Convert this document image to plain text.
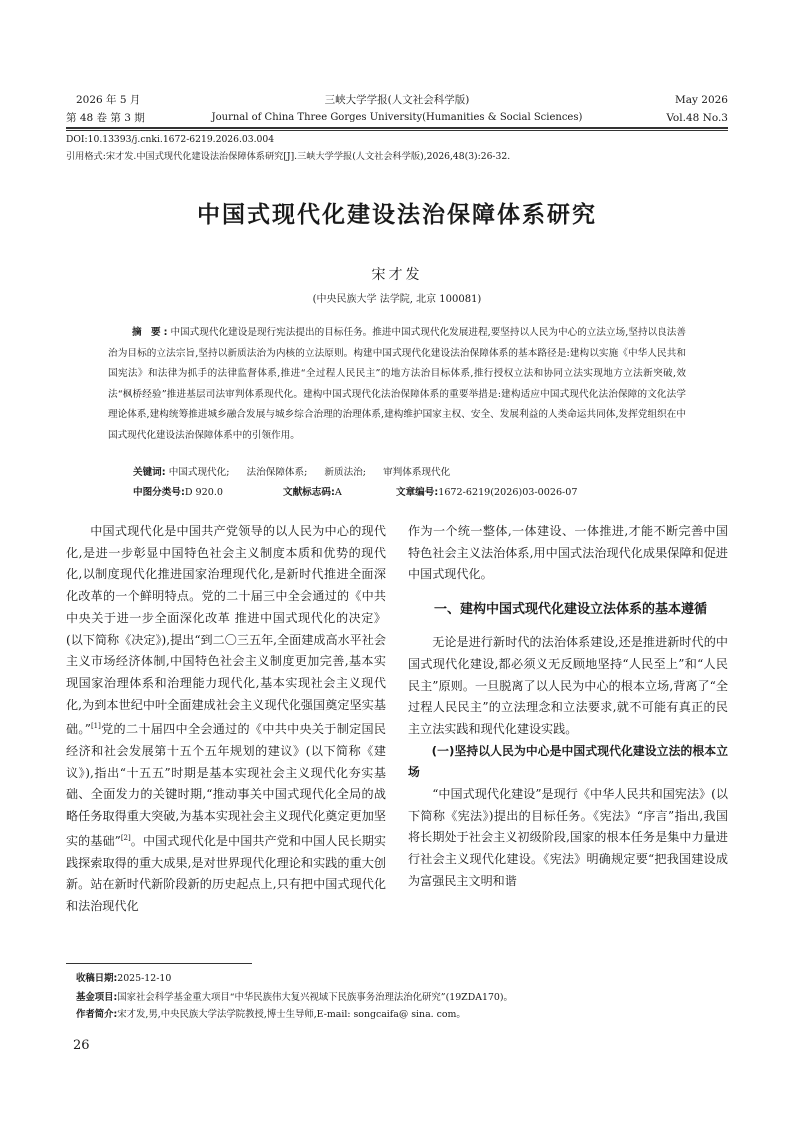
2026 年 5 月	三峡大学学报(人文社会科学版)	May 2026
第 48 卷 第 3 期	Journal of China Three Gorges University(Humanities & Social Sciences)	Vol.48 No.3
DOI:10.13393/j.cnki.1672-6219.2026.03.004
引用格式:宋才发.中国式现代化建设法治保障体系研究[J].三峡大学学报(人文社会科学版),2026,48(3):26-32.
中国式现代化建设法治保障体系研究
宋才发
(中央民族大学 法学院, 北京 100081)
摘 要:中国式现代化建设是现行宪法提出的目标任务。推进中国式现代化发展进程,要坚持以人民为中心的立法立场,坚持以良法善治为目标的立法宗旨,坚持以新质法治为内核的立法原则。构建中国式现代化建设法治保障体系的基本路径是:建构以实施《中华人民共和国宪法》和法律为抓手的法律监督体系,推进“全过程人民民主”的地方法治目标体系,推行授权立法和协同立法实现地方立法新突破,效法“枫桥经验”推进基层司法审判体系现代化。建构中国式现代化法治保障体系的重要举措是:建构适应中国式现代化法治保障的文化法学理论体系,建构统筹推进城乡融合发展与城乡综合治理的治理体系,建构维护国家主权、安全、发展利益的人类命运共同体,发挥党组织在中国式现代化建设法治保障体系中的引领作用。
关键词: 中国式现代化; 法治保障体系; 新质法治; 审判体系现代化
中图分类号:D 920.0	文献标志码:A	文章编号:1672-6219(2026)03-0026-07

中国式现代化是中国共产党领导的以人民为中心的现代化,是进一步彰显中国特色社会主义制度本质和优势的现代化,以制度现代化推进国家治理现代化,是新时代推进全面深化改革的一个鲜明特点。党的二十届三中全会通过的《中共中央关于进一步全面深化改革 推进中国式现代化的决定》(以下简称《决定》),提出“到二〇三五年,全面建成高水平社会主义市场经济体制,中国特色社会主义制度更加完善,基本实现国家治理体系和治理能力现代化,基本实现社会主义现代化,为到本世纪中叶全面建成社会主义现代化强国奠定坚实基础。”[1]党的二十届四中全会通过的《中共中央关于制定国民经济和社会发展第十五个五年规划的建议》(以下简称《建议》),指出“十五五”时期是基本实现社会主义现代化夯实基础、全面发力的关键时期,“推动事关中国式现代化全局的战略任务取得重大突破,为基本实现社会主义现代化奠定更加坚实的基础”[2]。中国式现代化是中国共产党和中国人民长期实践探索取得的重大成果,是对世界现代化理论和实践的重大创新。站在新时代新阶段新的历史起点上,只有把中国式现代化和法治现代化

作为一个统一整体,一体建设、一体推进,才能不断完善中国特色社会主义法治体系,用中国式法治现代化成果保障和促进中国式现代化。

一、建构中国式现代化建设立法体系的基本遵循

无论是进行新时代的法治体系建设,还是推进新时代的中国式现代化建设,都必须义无反顾地坚持“人民至上”和“人民民主”原则。一旦脱离了以人民为中心的根本立场,背离了“全过程人民民主”的立法理念和立法要求,就不可能有真正的民主立法实践和现代化建设实践。

(一)坚持以人民为中心是中国式现代化建设立法的根本立场

“中国式现代化建设”是现行《中华人民共和国宪法》(以下简称《宪法》)提出的目标任务。《宪法》“序言”指出,我国将长期处于社会主义初级阶段,国家的根本任务是集中力量进行社会主义现代化建设。《宪法》明确规定要“把我国建设成为富强民主文明和谐

收稿日期:2025-12-10
基金项目:国家社会科学基金重大项目“中华民族伟大复兴视域下民族事务治理法治化研究”(19ZDA170)。
作者简介:宋才发,男,中央民族大学法学院教授,博士生导师,E-mail: songcaifa@ sina. com。
26
